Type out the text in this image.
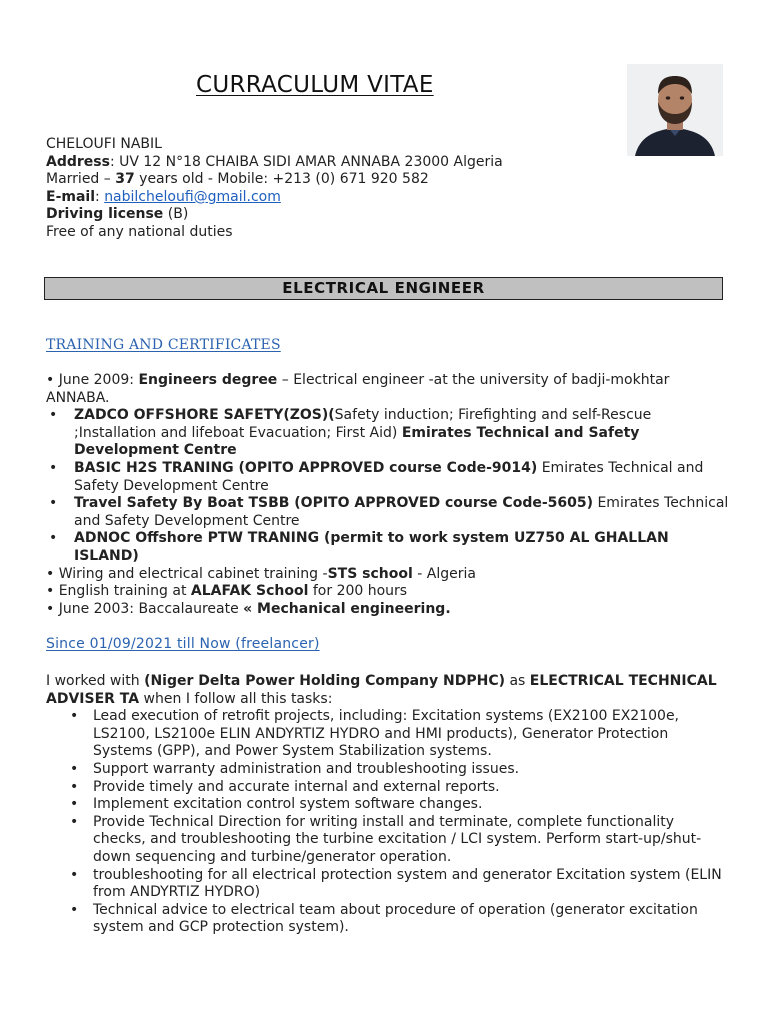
CURRACULUM VITAE
CHELOUFI NABIL
Address: UV 12 N°18 CHAIBA SIDI AMAR ANNABA 23000 Algeria
Married – 37 years old - Mobile: +213 (0) 671 920 582
E-mail: nabilcheloufi@gmail.com
Driving license (B)
Free of any national duties
ELECTRICAL ENGINEER
TRAINING AND CERTIFICATES

• June 2009: Engineers degree – Electrical engineer -at the university of badji-mokhtar ANNABA.

• ZADCO OFFSHORE SAFETY(ZOS)(Safety induction; Firefighting and self-Rescue ;Installation and lifeboat Evacuation; First Aid) Emirates Technical and Safety Development Centre
• BASIC H2S TRANING (OPITO APPROVED course Code-9014) Emirates Technical and Safety Development Centre
• Travel Safety By Boat TSBB (OPITO APPROVED course Code-5605) Emirates Technical and Safety Development Centre
• ADNOC Offshore PTW TRANING (permit to work system UZ750 AL GHALLAN ISLAND)

• Wiring and electrical cabinet training -STS school - Algeria

• English training at ALAFAK School for 200 hours

• June 2003: Baccalaureate « Mechanical engineering.

Since 01/09/2021 till Now (freelancer)
I worked with (Niger Delta Power Holding Company NDPHC) as ELECTRICAL TECHNICAL ADVISER TA when I follow all this tasks:
• Lead execution of retrofit projects, including: Excitation systems (EX2100 EX2100e, LS2100, LS2100e ELIN ANDYRTIZ HYDRO and HMI products), Generator Protection Systems (GPP), and Power System Stabilization systems.
• Support warranty administration and troubleshooting issues.
• Provide timely and accurate internal and external reports.
• Implement excitation control system software changes.
• Provide Technical Direction for writing install and terminate, complete functionality checks, and troubleshooting the turbine excitation / LCI system. Perform start-up/shut-down sequencing and turbine/generator operation.
• troubleshooting for all electrical protection system and generator Excitation system (ELIN from ANDYRTIZ HYDRO)
• Technical advice to electrical team about procedure of operation (generator excitation system and GCP protection system).
